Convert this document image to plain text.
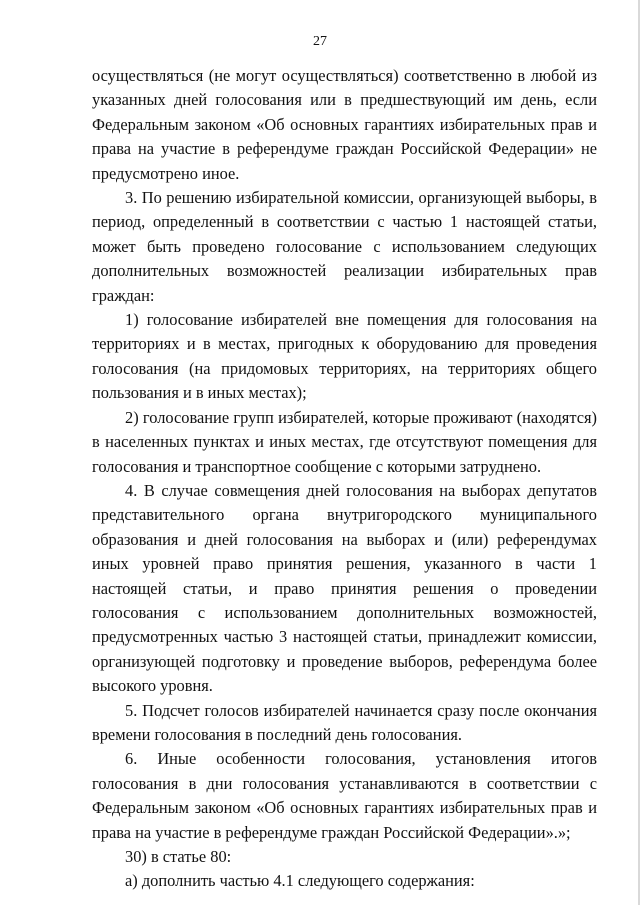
27

осуществляться (не могут осуществляться) соответственно в любой из указанных дней голосования или в предшествующий им день, если Федеральным законом «Об основных гарантиях избирательных прав и права на участие в референдуме граждан Российской Федерации» не предусмотрено иное.

3. По решению избирательной комиссии, организующей выборы, в период, определенный в соответствии с частью 1 настоящей статьи, может быть проведено голосование с использованием следующих дополнительных возможностей реализации избирательных прав граждан:

1) голосование избирателей вне помещения для голосования на территориях и в местах, пригодных к оборудованию для проведения голосования (на придомовых территориях, на территориях общего пользования и в иных местах);

2) голосование групп избирателей, которые проживают (находятся) в населенных пунктах и иных местах, где отсутствуют помещения для голосования и транспортное сообщение с которыми затруднено.

4. В случае совмещения дней голосования на выборах депутатов представительного органа внутригородского муниципального образования и дней голосования на выборах и (или) референдумах иных уровней право принятия решения, указанного в части 1 настоящей статьи, и право принятия решения о проведении голосования с использованием дополнительных возможностей, предусмотренных частью 3 настоящей статьи, принадлежит комиссии, организующей подготовку и проведение выборов, референдума более высокого уровня.

5. Подсчет голосов избирателей начинается сразу после окончания времени голосования в последний день голосования.

6. Иные особенности голосования, установления итогов голосования в дни голосования устанавливаются в соответствии с Федеральным законом «Об основных гарантиях избирательных прав и права на участие в референдуме граждан Российской Федерации».»;

30) в статье 80:

а) дополнить частью 4.1 следующего содержания:
